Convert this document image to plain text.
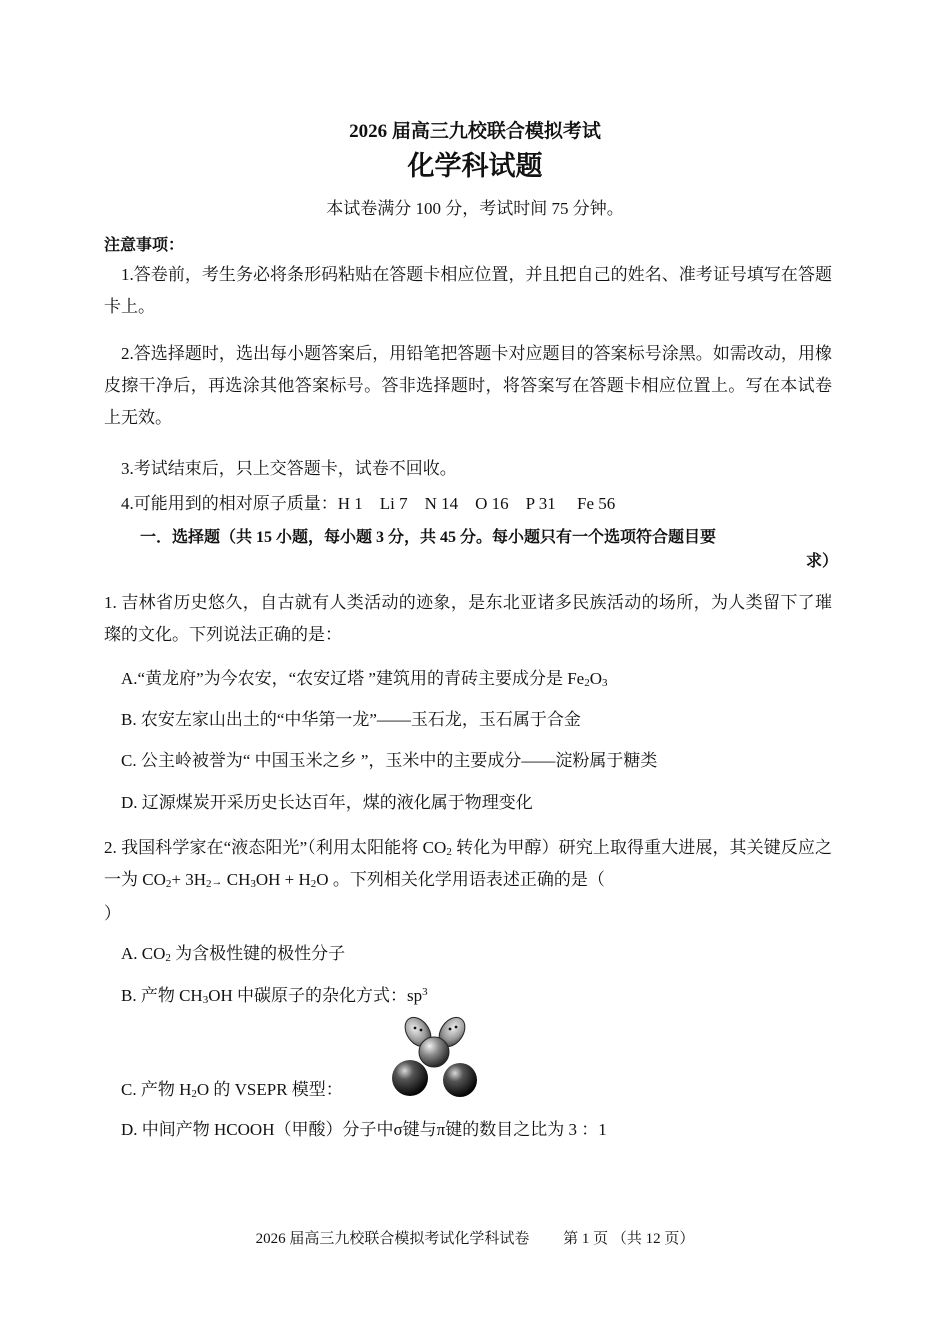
2026 届高三九校联合模拟考试
化学科试题
本试卷满分 100 分，考试时间 75 分钟。
注意事项：
1.答卷前，考生务必将条形码粘贴在答题卡相应位置，并且把自己的姓名、准考证号填写在答题卡上。
2.答选择题时，选出每小题答案后，用铅笔把答题卡对应题目的答案标号涂黑。如需改动，用橡皮擦干净后，再选涂其他答案标号。答非选择题时，将答案写在答题卡相应位置上。写在本试卷上无效。
3.考试结束后，只上交答题卡，试卷不回收。
4.可能用到的相对原子质量：H 1　Li 7　N 14　O 16　P 31　 Fe 56
一．选择题（共 15 小题，每小题 3 分，共 45 分。每小题只有一个选项符合题目要
求）
1. 吉林省历史悠久，自古就有人类活动的迹象，是东北亚诸多民族活动的场所，为人类留下了璀璨的文化。下列说法正确的是：
A.“黄龙府”为今农安，“农安辽塔 ”建筑用的青砖主要成分是 $Fe_2O_3$
B. 农安左家山出土的“中华第一龙”——玉石龙，玉石属于合金
C. 公主岭被誉为“ 中国玉米之乡 ”，玉米中的主要成分——淀粉属于糖类
D. 辽源煤炭开采历史长达百年，煤的液化属于物理变化
2. 我国科学家在“液态阳光”（利用太阳能将 $CO_2$ 转化为甲醇）研究上取得重大进展，其关键反应之一为 $CO_2+ 3H_2\to CH_3OH + H_2O$ 。下列相关化学用语表述正确的是（
）
A. $CO_2$ 为含极性键的极性分子
B. 产物 $CH_3OH$ 中碳原子的杂化方式：$sp^3$
C. 产物 $H_2O$ 的 VSEPR 模型：
D. 中间产物 HCOOH（甲酸）分子中σ键与π键的数目之比为 3 ：1
2026 届高三九校联合模拟考试化学科试卷　　 第 1 页 （共 12 页）
